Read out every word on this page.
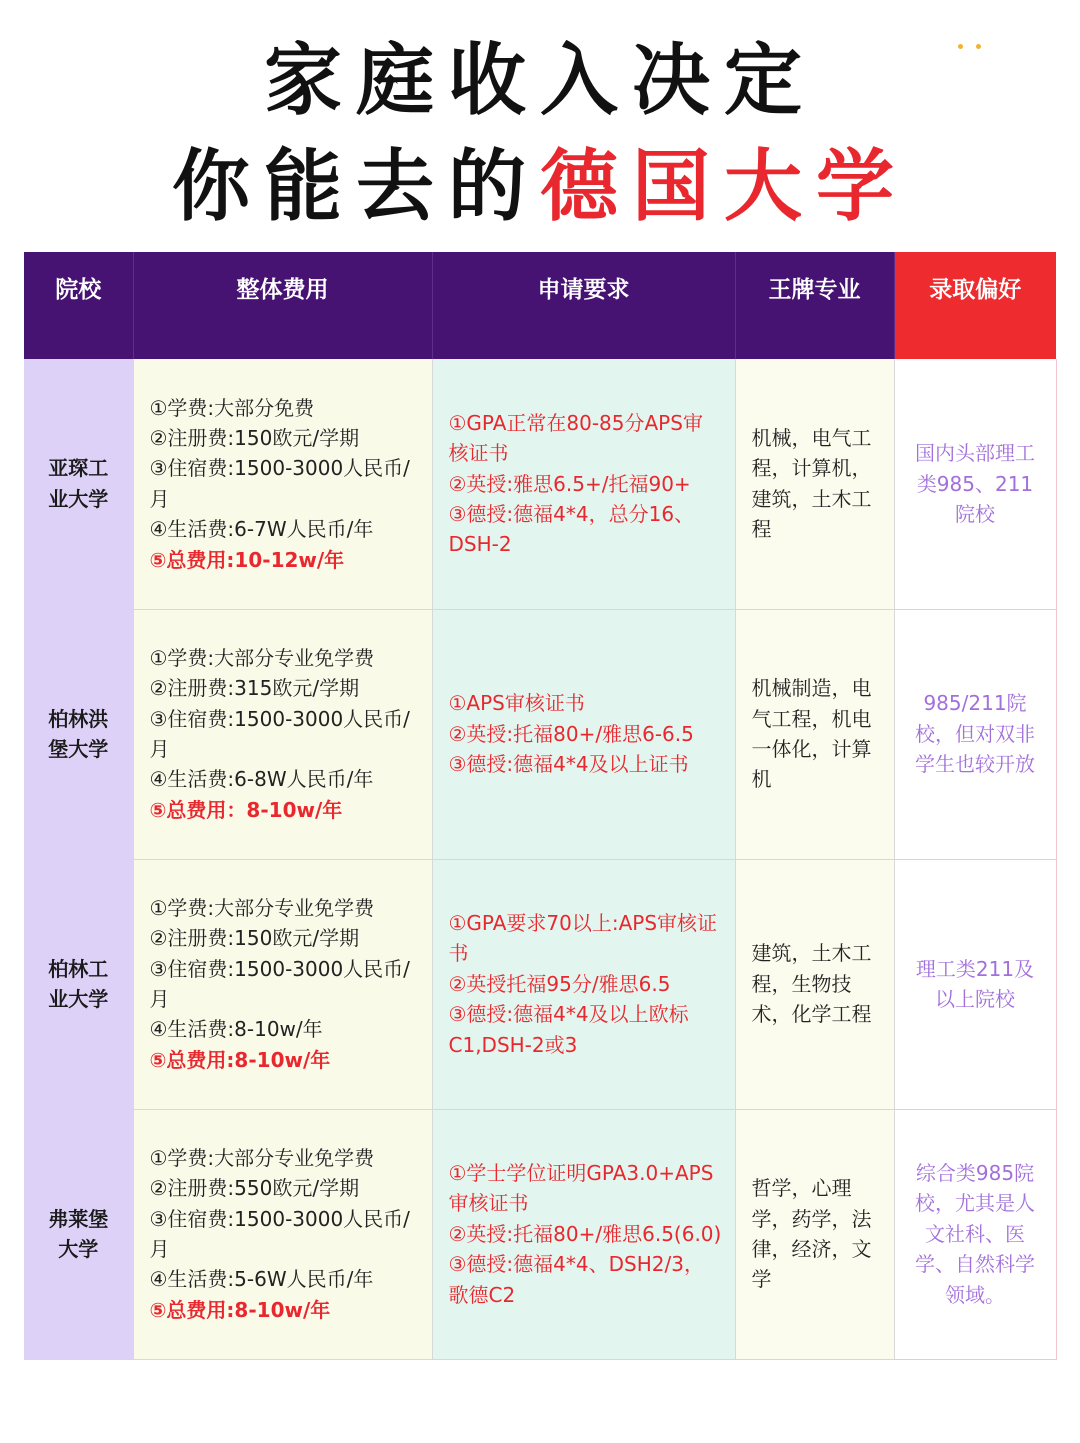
家庭收入决定
你能去的德国大学
院校	整体费用	申请要求	王牌专业	录取偏好

亚琛工
业大学	①学费:大部分免费
②注册费:150欧元/学期
③住宿费:1500-3000人民币/月
④生活费:6-7W人民币/年
⑤总费用:10-12w/年	①GPA正常在80-85分APS审核证书
②英授:雅思6.5+/托福90+
③德授:德福4*4，总分16、DSH-2	机械，电气工程，计算机，建筑，土木工程	国内头部理工类985、211院校

柏林洪
堡大学	①学费:大部分专业免学费
②注册费:315欧元/学期
③住宿费:1500-3000人民币/月
④生活费:6-8W人民币/年
⑤总费用：8-10w/年	①APS审核证书
②英授:托福80+/雅思6-6.5
③德授:德福4*4及以上证书	机械制造，电气工程，机电一体化，计算机	985/211院校，但对双非学生也较开放

柏林工
业大学	①学费:大部分专业免学费
②注册费:150欧元/学期
③住宿费:1500-3000人民币/月
④生活费:8-10w/年
⑤总费用:8-10w/年	①GPA要求70以上:APS审核证书
②英授托福95分/雅思6.5
③德授:德福4*4及以上欧标C1,DSH-2或3	建筑，土木工程，生物技术，化学工程	理工类211及以上院校

弗莱堡
大学	①学费:大部分专业免学费
②注册费:550欧元/学期
③住宿费:1500-3000人民币/月
④生活费:5-6W人民币/年
⑤总费用:8-10w/年	①学士学位证明GPA3.0+APS审核证书
②英授:托福80+/雅思6.5(6.0)
③德授:德福4*4、DSH2/3，歌德C2	哲学，心理学，药学，法律，经济，文学	综合类985院校，尤其是人文社科、医学、自然科学领域。
